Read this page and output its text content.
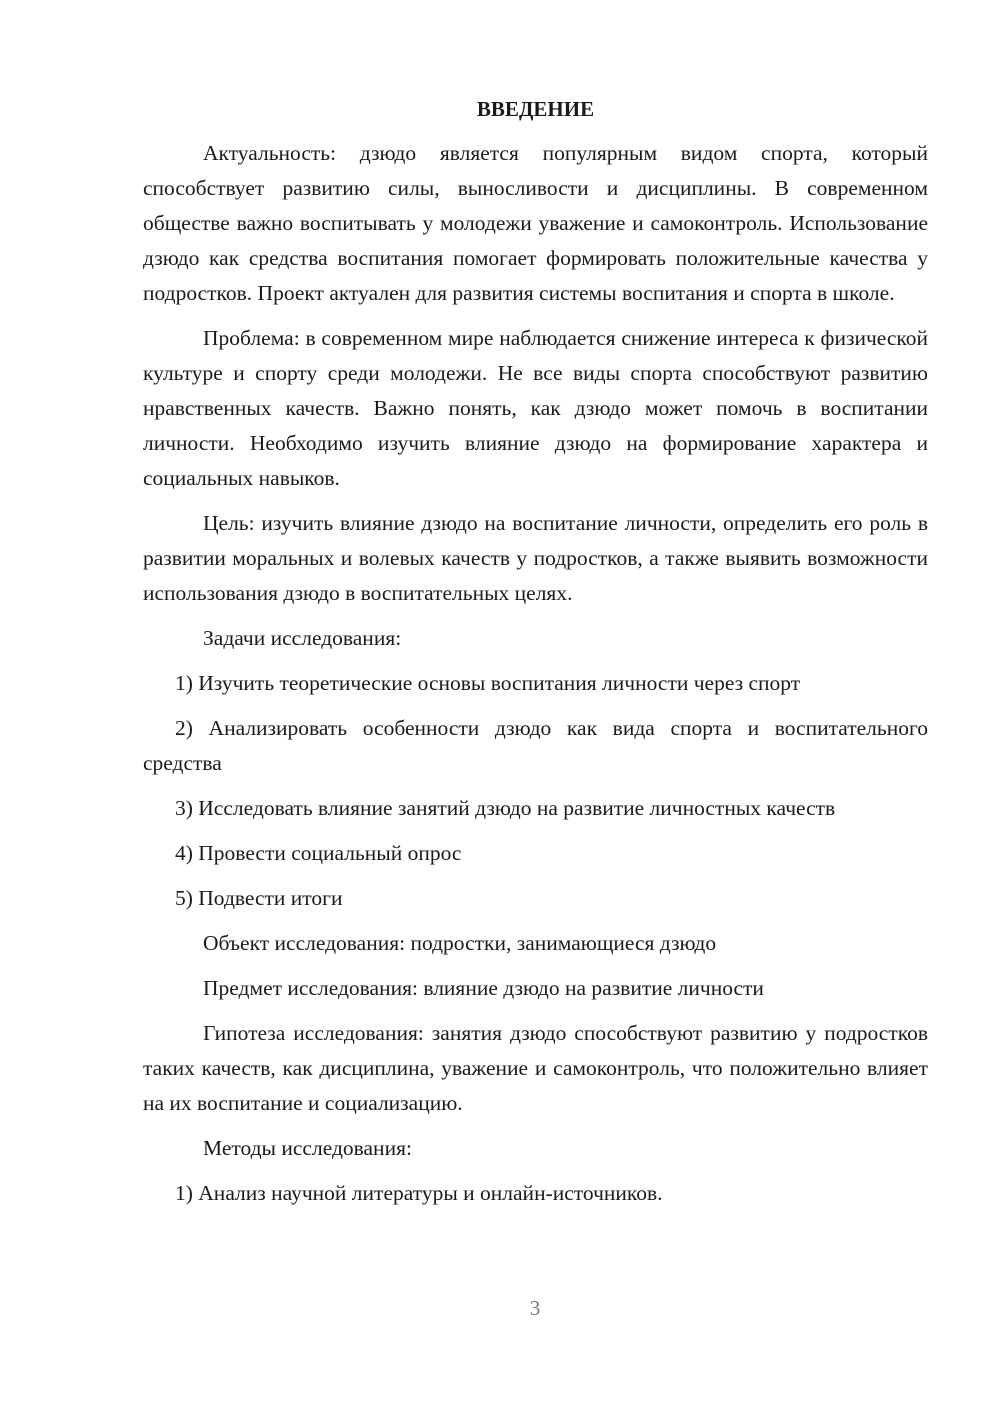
ВВЕДЕНИЕ

Актуальность: дзюдо является популярным видом спорта, который способствует развитию силы, выносливости и дисциплины. В современном обществе важно воспитывать у молодежи уважение и самоконтроль. Использование дзюдо как средства воспитания помогает формировать положительные качества у подростков. Проект актуален для развития системы воспитания и спорта в школе.

Проблема: в современном мире наблюдается снижение интереса к физической культуре и спорту среди молодежи. Не все виды спорта способствуют развитию нравственных качеств. Важно понять, как дзюдо может помочь в воспитании личности. Необходимо изучить влияние дзюдо на формирование характера и социальных навыков.

Цель: изучить влияние дзюдо на воспитание личности, определить его роль в развитии моральных и волевых качеств у подростков, а также выявить возможности использования дзюдо в воспитательных целях.

Задачи исследования:

1) Изучить теоретические основы воспитания личности через спорт

2) Анализировать особенности дзюдо как вида спорта и воспитательного средства

3) Исследовать влияние занятий дзюдо на развитие личностных качеств

4) Провести социальный опрос

5) Подвести итоги

Объект исследования: подростки, занимающиеся дзюдо

Предмет исследования: влияние дзюдо на развитие личности

Гипотеза исследования: занятия дзюдо способствуют развитию у подростков таких качеств, как дисциплина, уважение и самоконтроль, что положительно влияет на их воспитание и социализацию.

Методы исследования:

1) Анализ научной литературы и онлайн-источников.

3
